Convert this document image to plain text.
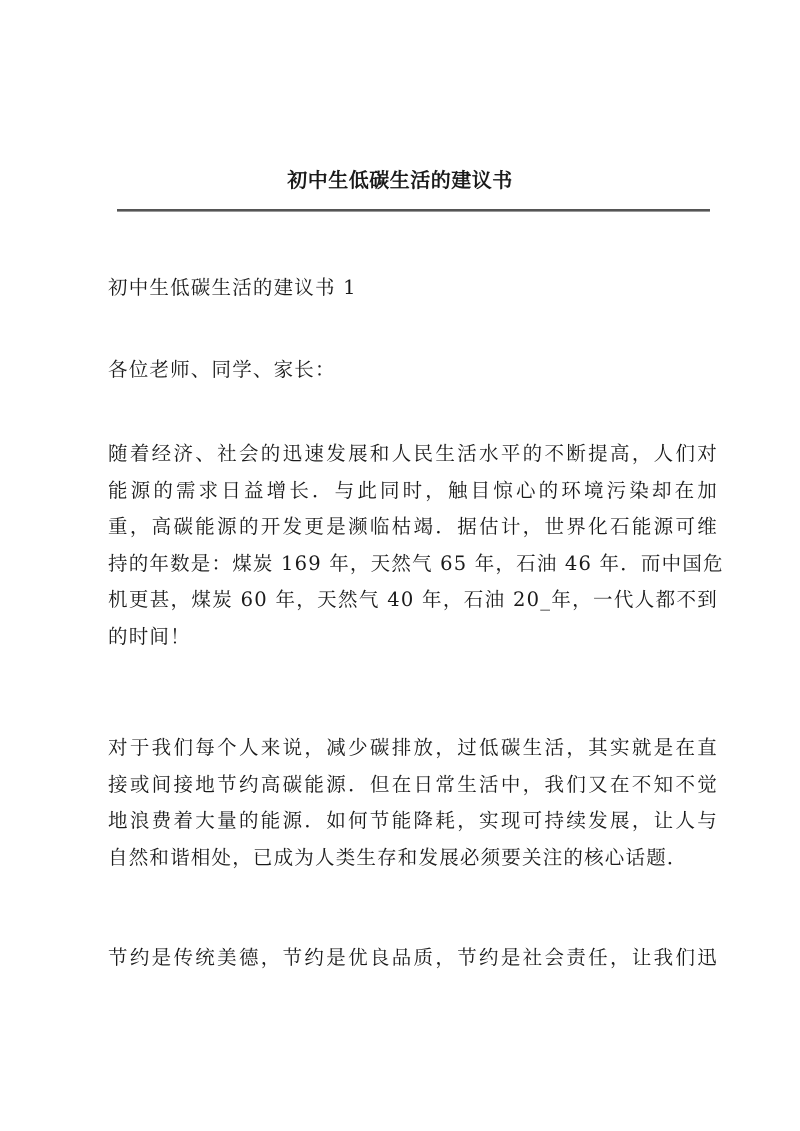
初中生低碳生活的建议书

初中生低碳生活的建议书 1

各位老师、同学、家长：

随着经济、社会的迅速发展和人民生活水平的不断提高，人们对
能源的需求日益增长．与此同时，触目惊心的环境污染却在加
重，高碳能源的开发更是濒临枯竭．据估计，世界化石能源可维
持的年数是：煤炭 169 年，天然气 65 年，石油 46 年．而中国危
机更甚，煤炭 60 年，天然气 40 年，石油 20_年，一代人都不到
的时间！

对于我们每个人来说，减少碳排放，过低碳生活，其实就是在直
接或间接地节约高碳能源．但在日常生活中，我们又在不知不觉
地浪费着大量的能源．如何节能降耗，实现可持续发展，让人与
自然和谐相处，已成为人类生存和发展必须要关注的核心话题．

节约是传统美德，节约是优良品质，节约是社会责任，让我们迅
